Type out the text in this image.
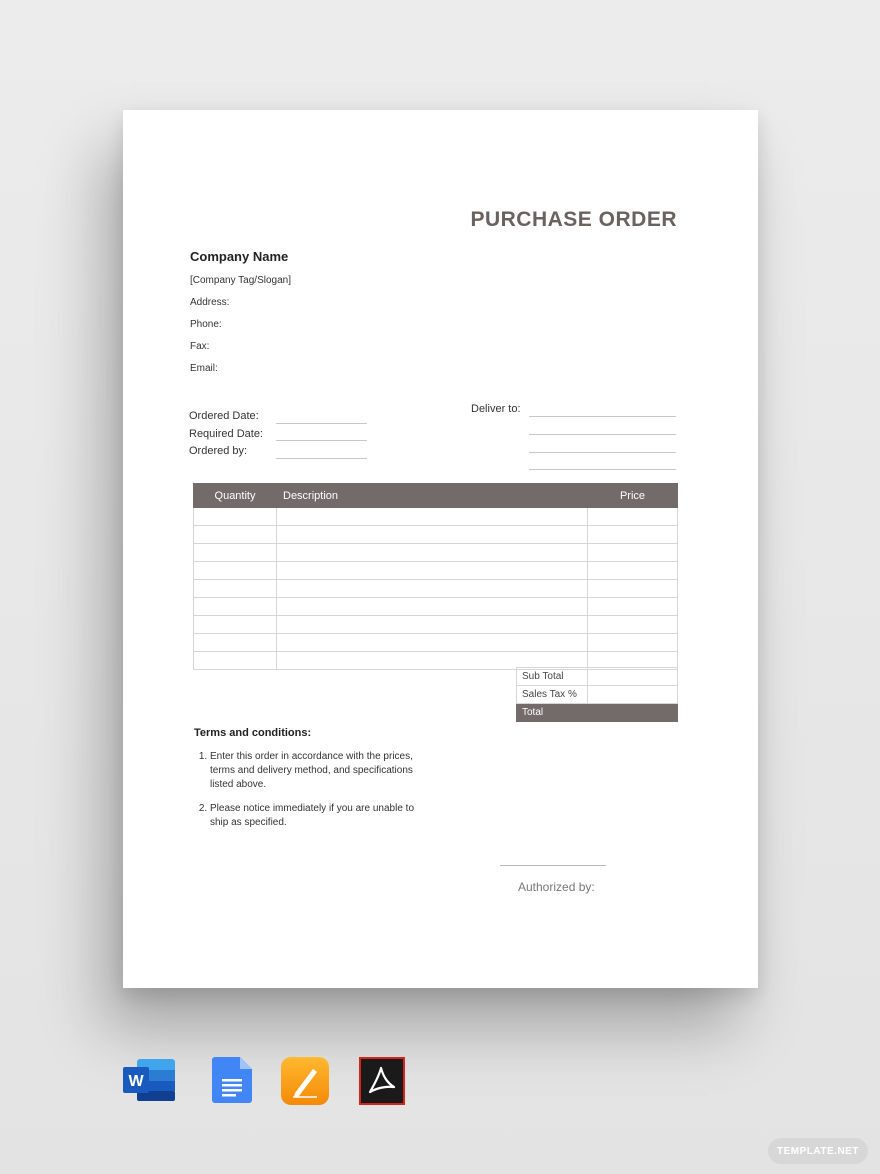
PURCHASE ORDER
Company Name
[Company Tag/Slogan]
Address:
Phone:
Fax:
Email:
Ordered Date:
Required Date:
Ordered by:
Deliver to:
Quantity	Description	Price

Sub Total	
Sales Tax %	
Total	
Terms and conditions:
1. Enter this order in accordance with the prices, terms and delivery method, and specifications listed above.
2. Please notice immediately if you are unable to ship as specified.
Authorized by:
W
TEMPLATE.NET
